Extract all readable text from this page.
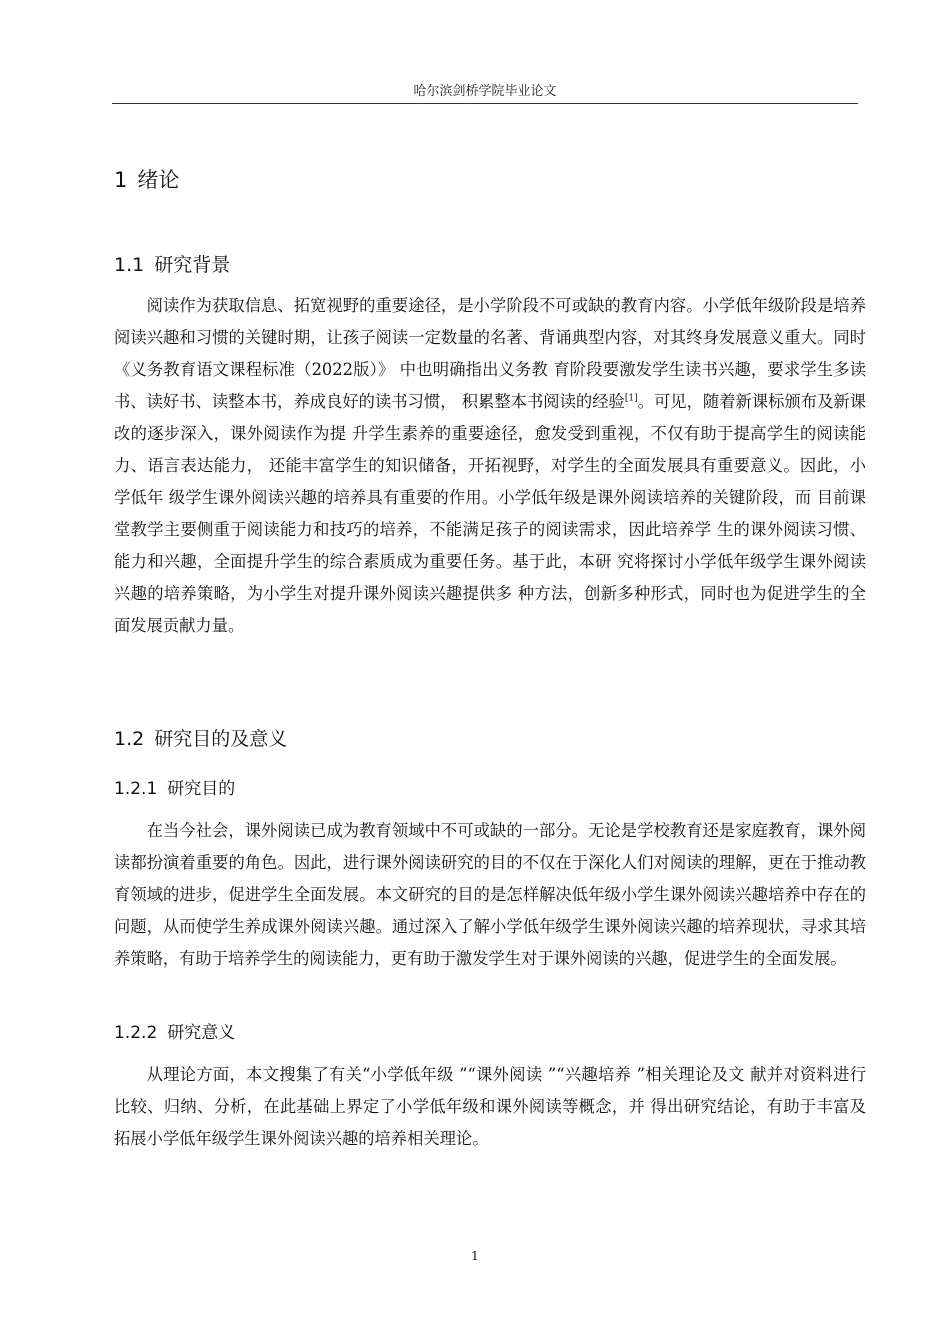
哈尔滨剑桥学院毕业论文
1 绪论
1.1 研究背景
阅读作为获取信息、拓宽视野的重要途径，是小学阶段不可或缺的教育内容。小学低年级阶段是培养阅读兴趣和习惯的关键时期，让孩子阅读一定数量的名著、背诵典型内容，对其终身发展意义重大。同时《义务教育语文课程标准（2022版）》 中也明确指出义务教 育阶段要激发学生读书兴趣，要求学生多读书、读好书、读整本书，养成良好的读书习惯， 积累整本书阅读的经验[1]。可见，随着新课标颁布及新课改的逐步深入，课外阅读作为提 升学生素养的重要途径，愈发受到重视，不仅有助于提高学生的阅读能力、语言表达能力， 还能丰富学生的知识储备，开拓视野，对学生的全面发展具有重要意义。因此，小学低年 级学生课外阅读兴趣的培养具有重要的作用。小学低年级是课外阅读培养的关键阶段，而 目前课堂教学主要侧重于阅读能力和技巧的培养，不能满足孩子的阅读需求，因此培养学 生的课外阅读习惯、能力和兴趣，全面提升学生的综合素质成为重要任务。基于此，本研 究将探讨小学低年级学生课外阅读兴趣的培养策略，为小学生对提升课外阅读兴趣提供多 种方法，创新多种形式，同时也为促进学生的全面发展贡献力量。
1.2 研究目的及意义
1.2.1 研究目的
在当今社会，课外阅读已成为教育领域中不可或缺的一部分。无论是学校教育还是家庭教育，课外阅读都扮演着重要的角色。因此，进行课外阅读研究的目的不仅在于深化人们对阅读的理解，更在于推动教育领域的进步，促进学生全面发展。本文研究的目的是怎样解决低年级小学生课外阅读兴趣培养中存在的问题，从而使学生养成课外阅读兴趣。通过深入了解小学低年级学生课外阅读兴趣的培养现状，寻求其培养策略，有助于培养学生的阅读能力，更有助于激发学生对于课外阅读的兴趣，促进学生的全面发展。
1.2.2 研究意义
从理论方面，本文搜集了有关“小学低年级 ”“课外阅读 ”“兴趣培养 ”相关理论及文 献并对资料进行比较、归纳、分析，在此基础上界定了小学低年级和课外阅读等概念，并 得出研究结论，有助于丰富及拓展小学低年级学生课外阅读兴趣的培养相关理论。
1
